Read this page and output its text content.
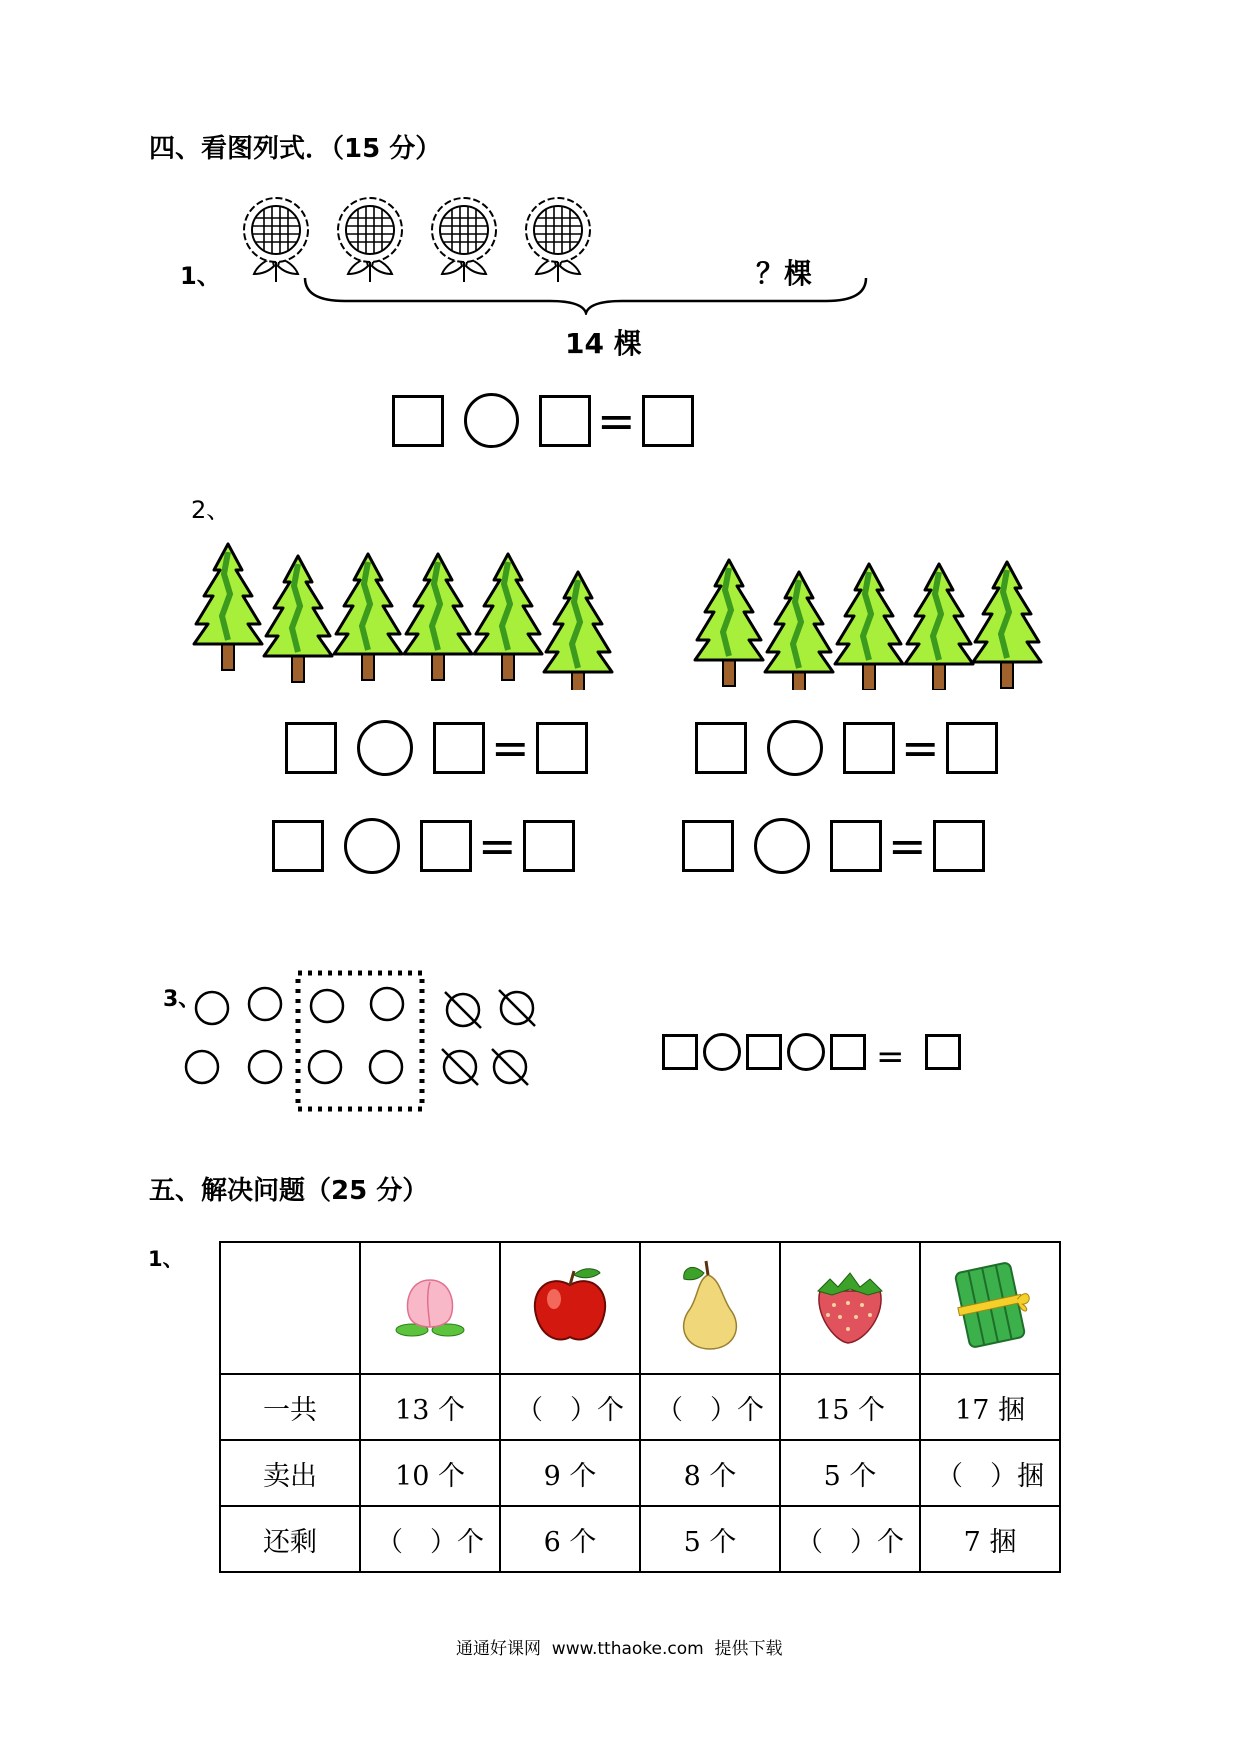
四、看图列式．（15 分）
1、	？棵
14 棵
=
2、
=	=
=	=
3、
=
五、解决问题（25 分）
1、

一共	13 个	（　）个	（　）个	15 个	17 捆
卖出	10 个	9 个	8 个	5 个	（　）捆
还剩	（　）个	6 个	5 个	（　）个	7 捆
通通好课网  www.tthaoke.com  提供下载
